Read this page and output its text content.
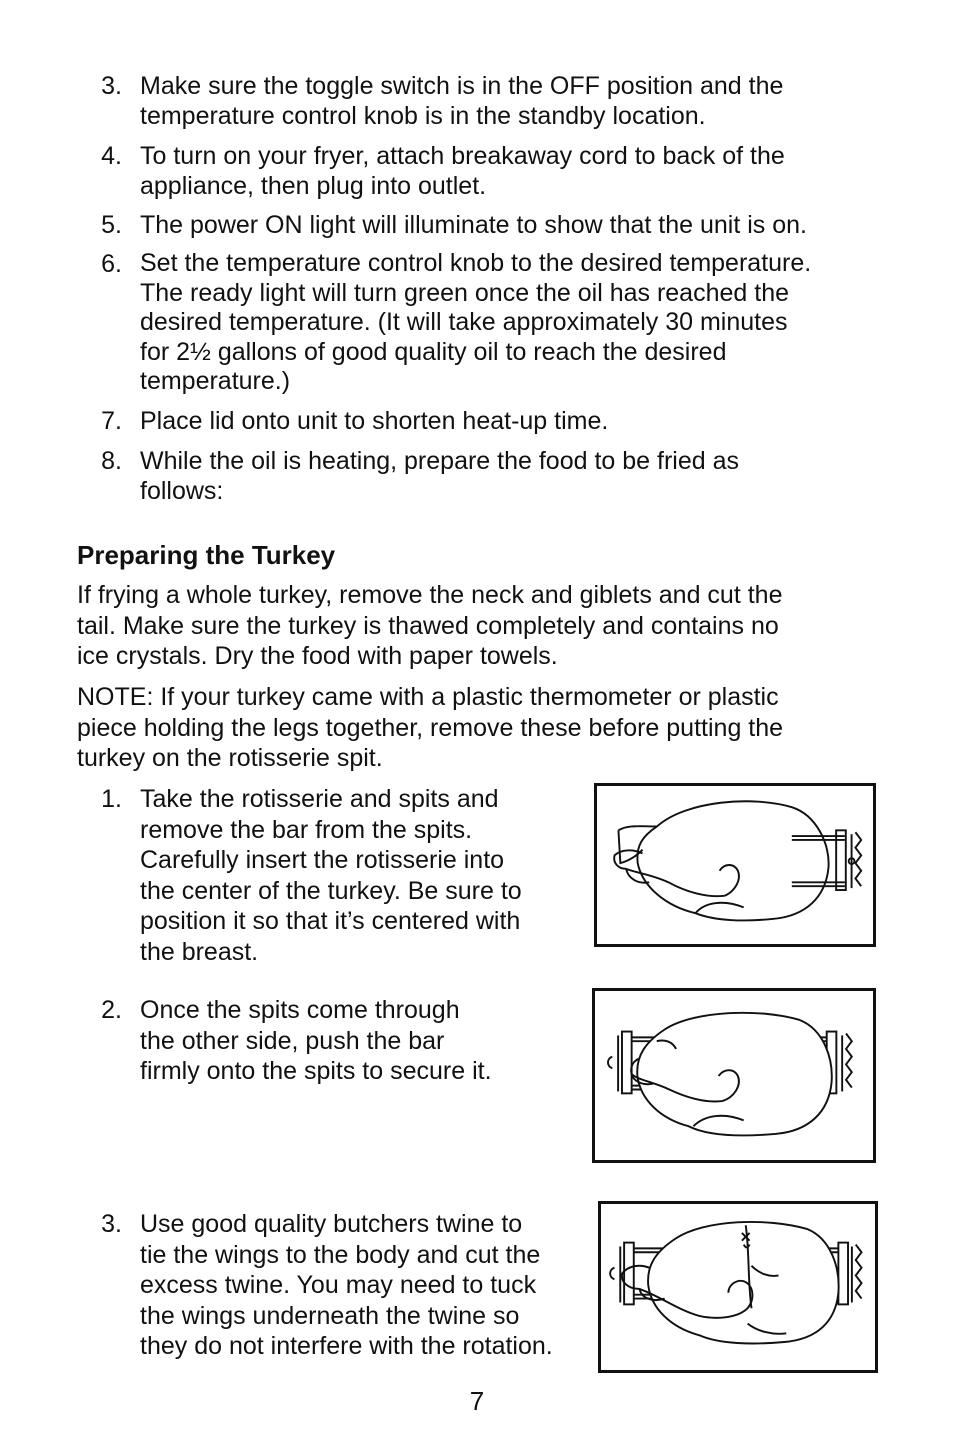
3. Make sure the toggle switch is in the OFF position and the
temperature control knob is in the standby location.
4. To turn on your fryer, attach breakaway cord to back of the
appliance, then plug into outlet.
5. The power ON light will illuminate to show that the unit is on.
6. Set the temperature control knob to the desired temperature.
The ready light will turn green once the oil has reached the
desired temperature. (It will take approximately 30 minutes
for 2½ gallons of good quality oil to reach the desired
temperature.)
7. Place lid onto unit to shorten heat-up time.
8. While the oil is heating, prepare the food to be fried as
follows:
Preparing the Turkey
If frying a whole turkey, remove the neck and giblets and cut the
tail. Make sure the turkey is thawed completely and contains no
ice crystals. Dry the food with paper towels.
NOTE: If your turkey came with a plastic thermometer or plastic
piece holding the legs together, remove these before putting the
turkey on the rotisserie spit.
1. Take the rotisserie and spits and
remove the bar from the spits.
Carefully insert the rotisserie into
the center of the turkey. Be sure to
position it so that it’s centered with
the breast.
2. Once the spits come through
the other side, push the bar
firmly onto the spits to secure it.
3. Use good quality butchers twine to
tie the wings to the body and cut the
excess twine. You may need to tuck
the wings underneath the twine so
they do not interfere with the rotation.
7
